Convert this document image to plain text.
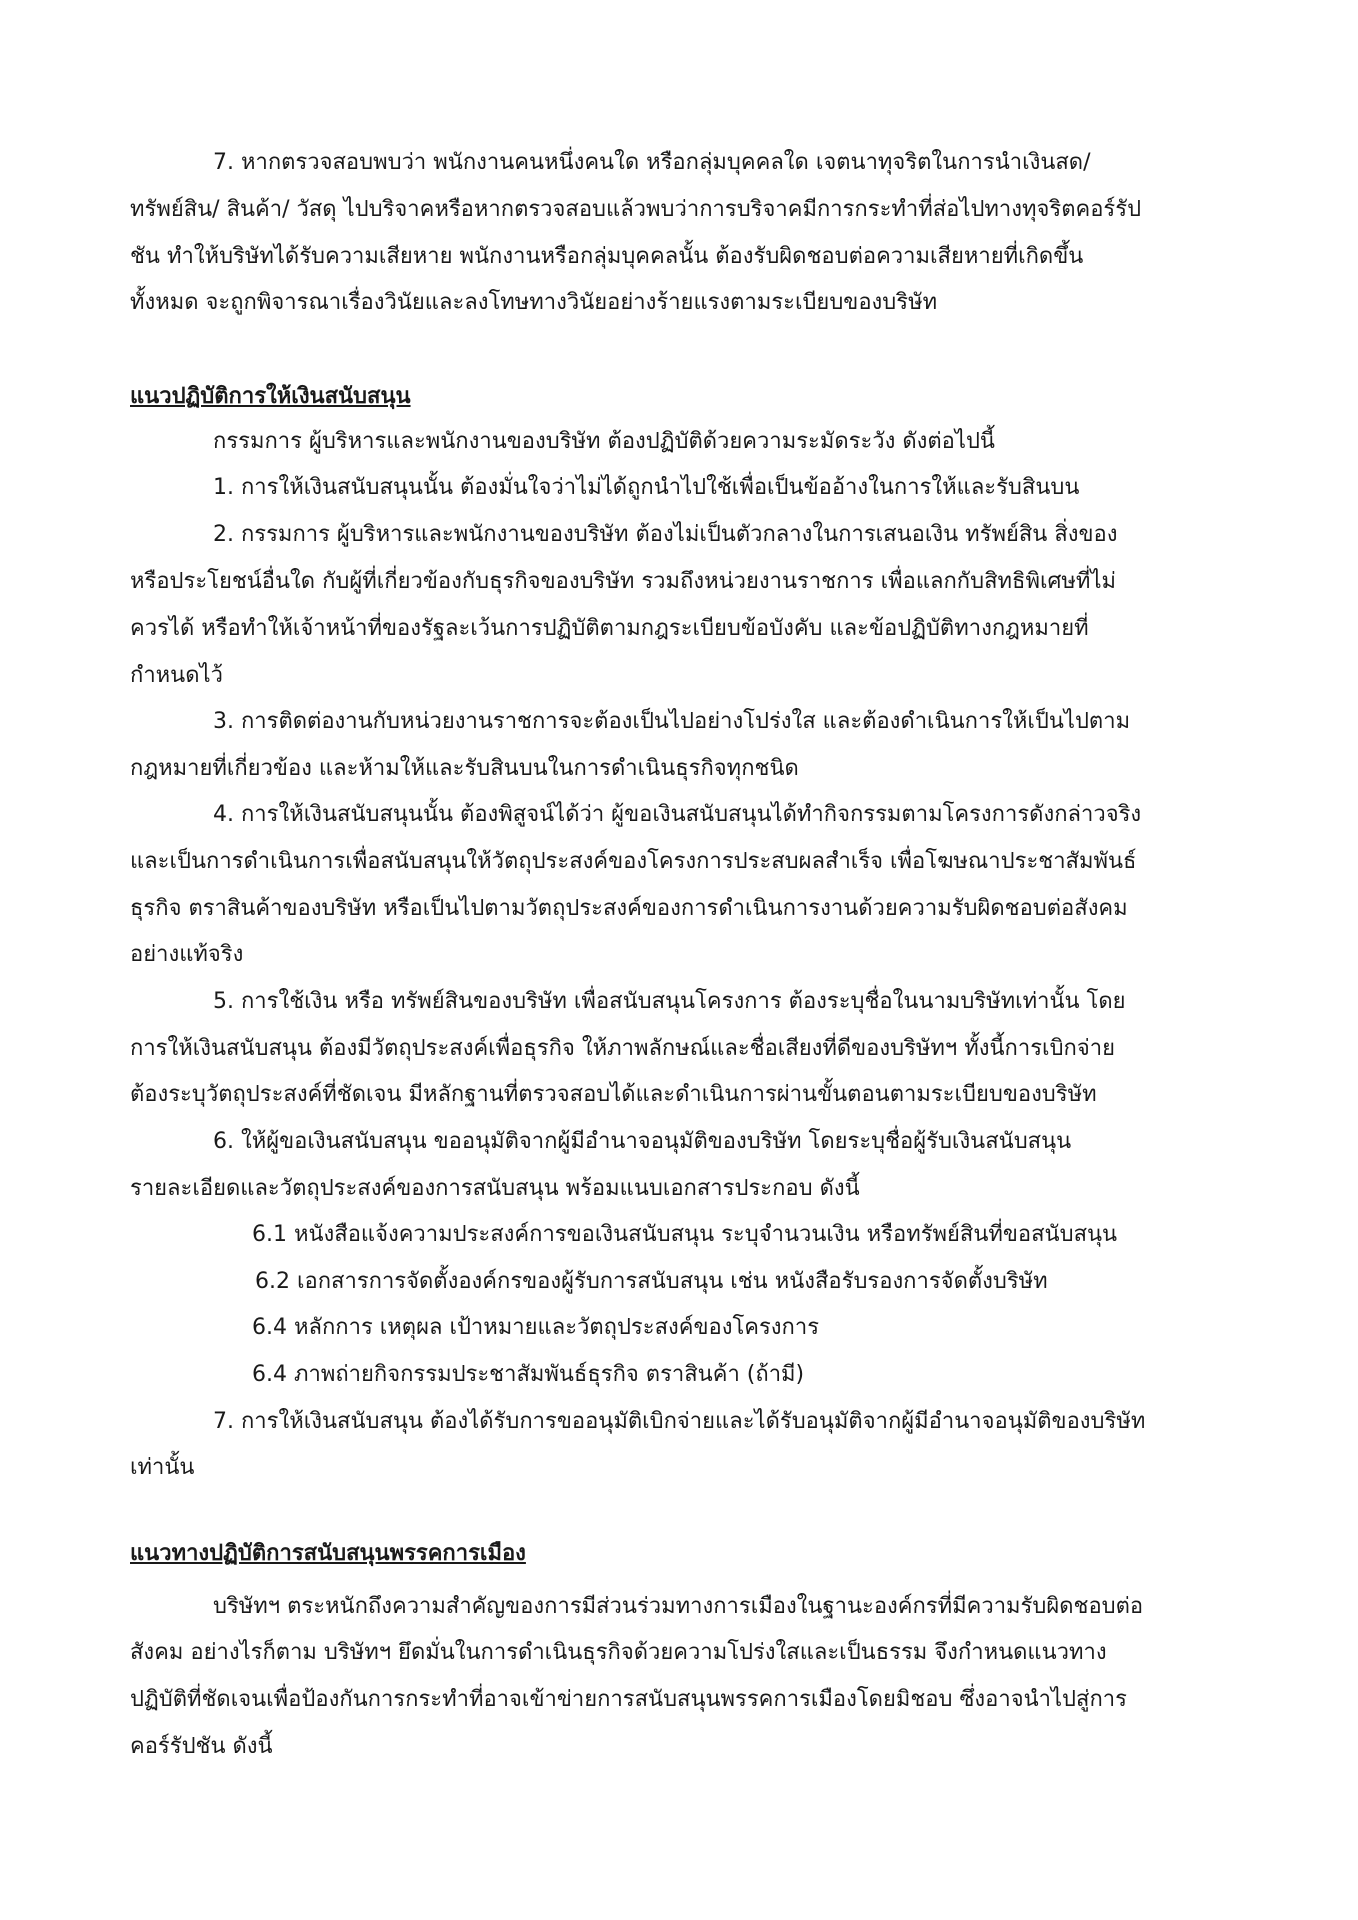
7. หากตรวจสอบพบว่า พนักงานคนหนึ่งคนใด หรือกลุ่มบุคคลใด เจตนาทุจริตในการนำเงินสด/
ทรัพย์สิน/ สินค้า/ วัสดุ ไปบริจาคหรือหากตรวจสอบแล้วพบว่าการบริจาคมีการกระทำที่ส่อไปทางทุจริตคอร์รัป
ชัน ทำให้บริษัทได้รับความเสียหาย พนักงานหรือกลุ่มบุคคลนั้น ต้องรับผิดชอบต่อความเสียหายที่เกิดขึ้น
ทั้งหมด จะถูกพิจารณาเรื่องวินัยและลงโทษทางวินัยอย่างร้ายแรงตามระเบียบของบริษัท
แนวปฏิบัติการให้เงินสนับสนุน
กรรมการ ผู้บริหารและพนักงานของบริษัท ต้องปฏิบัติด้วยความระมัดระวัง ดังต่อไปนี้
1. การให้เงินสนับสนุนนั้น ต้องมั่นใจว่าไม่ได้ถูกนำไปใช้เพื่อเป็นข้ออ้างในการให้และรับสินบน
2. กรรมการ ผู้บริหารและพนักงานของบริษัท ต้องไม่เป็นตัวกลางในการเสนอเงิน ทรัพย์สิน สิ่งของ
หรือประโยชน์อื่นใด กับผู้ที่เกี่ยวข้องกับธุรกิจของบริษัท รวมถึงหน่วยงานราชการ เพื่อแลกกับสิทธิพิเศษที่ไม่
ควรได้ หรือทำให้เจ้าหน้าที่ของรัฐละเว้นการปฏิบัติตามกฎระเบียบข้อบังคับ และข้อปฏิบัติทางกฎหมายที่
กำหนดไว้
3. การติดต่องานกับหน่วยงานราชการจะต้องเป็นไปอย่างโปร่งใส และต้องดำเนินการให้เป็นไปตาม
กฎหมายที่เกี่ยวข้อง และห้ามให้และรับสินบนในการดำเนินธุรกิจทุกชนิด
4. การให้เงินสนับสนุนนั้น ต้องพิสูจน์ได้ว่า ผู้ขอเงินสนับสนุนได้ทำกิจกรรมตามโครงการดังกล่าวจริง
และเป็นการดำเนินการเพื่อสนับสนุนให้วัตถุประสงค์ของโครงการประสบผลสำเร็จ เพื่อโฆษณาประชาสัมพันธ์
ธุรกิจ ตราสินค้าของบริษัท หรือเป็นไปตามวัตถุประสงค์ของการดำเนินการงานด้วยความรับผิดชอบต่อสังคม
อย่างแท้จริง
5. การใช้เงิน หรือ ทรัพย์สินของบริษัท เพื่อสนับสนุนโครงการ ต้องระบุชื่อในนามบริษัทเท่านั้น โดย
การให้เงินสนับสนุน ต้องมีวัตถุประสงค์เพื่อธุรกิจ ให้ภาพลักษณ์และชื่อเสียงที่ดีของบริษัทฯ ทั้งนี้การเบิกจ่าย
ต้องระบุวัตถุประสงค์ที่ชัดเจน มีหลักฐานที่ตรวจสอบได้และดำเนินการผ่านขั้นตอนตามระเบียบของบริษัท
6. ให้ผู้ขอเงินสนับสนุน ขออนุมัติจากผู้มีอำนาจอนุมัติของบริษัท โดยระบุชื่อผู้รับเงินสนับสนุน
รายละเอียดและวัตถุประสงค์ของการสนับสนุน พร้อมแนบเอกสารประกอบ ดังนี้
6.1 หนังสือแจ้งความประสงค์การขอเงินสนับสนุน ระบุจำนวนเงิน หรือทรัพย์สินที่ขอสนับสนุน
6.2 เอกสารการจัดตั้งองค์กรของผู้รับการสนับสนุน เช่น หนังสือรับรองการจัดตั้งบริษัท
6.4 หลักการ เหตุผล เป้าหมายและวัตถุประสงค์ของโครงการ
6.4 ภาพถ่ายกิจกรรมประชาสัมพันธ์ธุรกิจ ตราสินค้า (ถ้ามี)
7. การให้เงินสนับสนุน ต้องได้รับการขออนุมัติเบิกจ่ายและได้รับอนุมัติจากผู้มีอำนาจอนุมัติของบริษัท
เท่านั้น
แนวทางปฏิบัติการสนับสนุนพรรคการเมือง
บริษัทฯ ตระหนักถึงความสำคัญของการมีส่วนร่วมทางการเมืองในฐานะองค์กรที่มีความรับผิดชอบต่อ
สังคม อย่างไรก็ตาม บริษัทฯ ยึดมั่นในการดำเนินธุรกิจด้วยความโปร่งใสและเป็นธรรม จึงกำหนดแนวทาง
ปฏิบัติที่ชัดเจนเพื่อป้องกันการกระทำที่อาจเข้าข่ายการสนับสนุนพรรคการเมืองโดยมิชอบ ซึ่งอาจนำไปสู่การ
คอร์รัปชัน ดังนี้
